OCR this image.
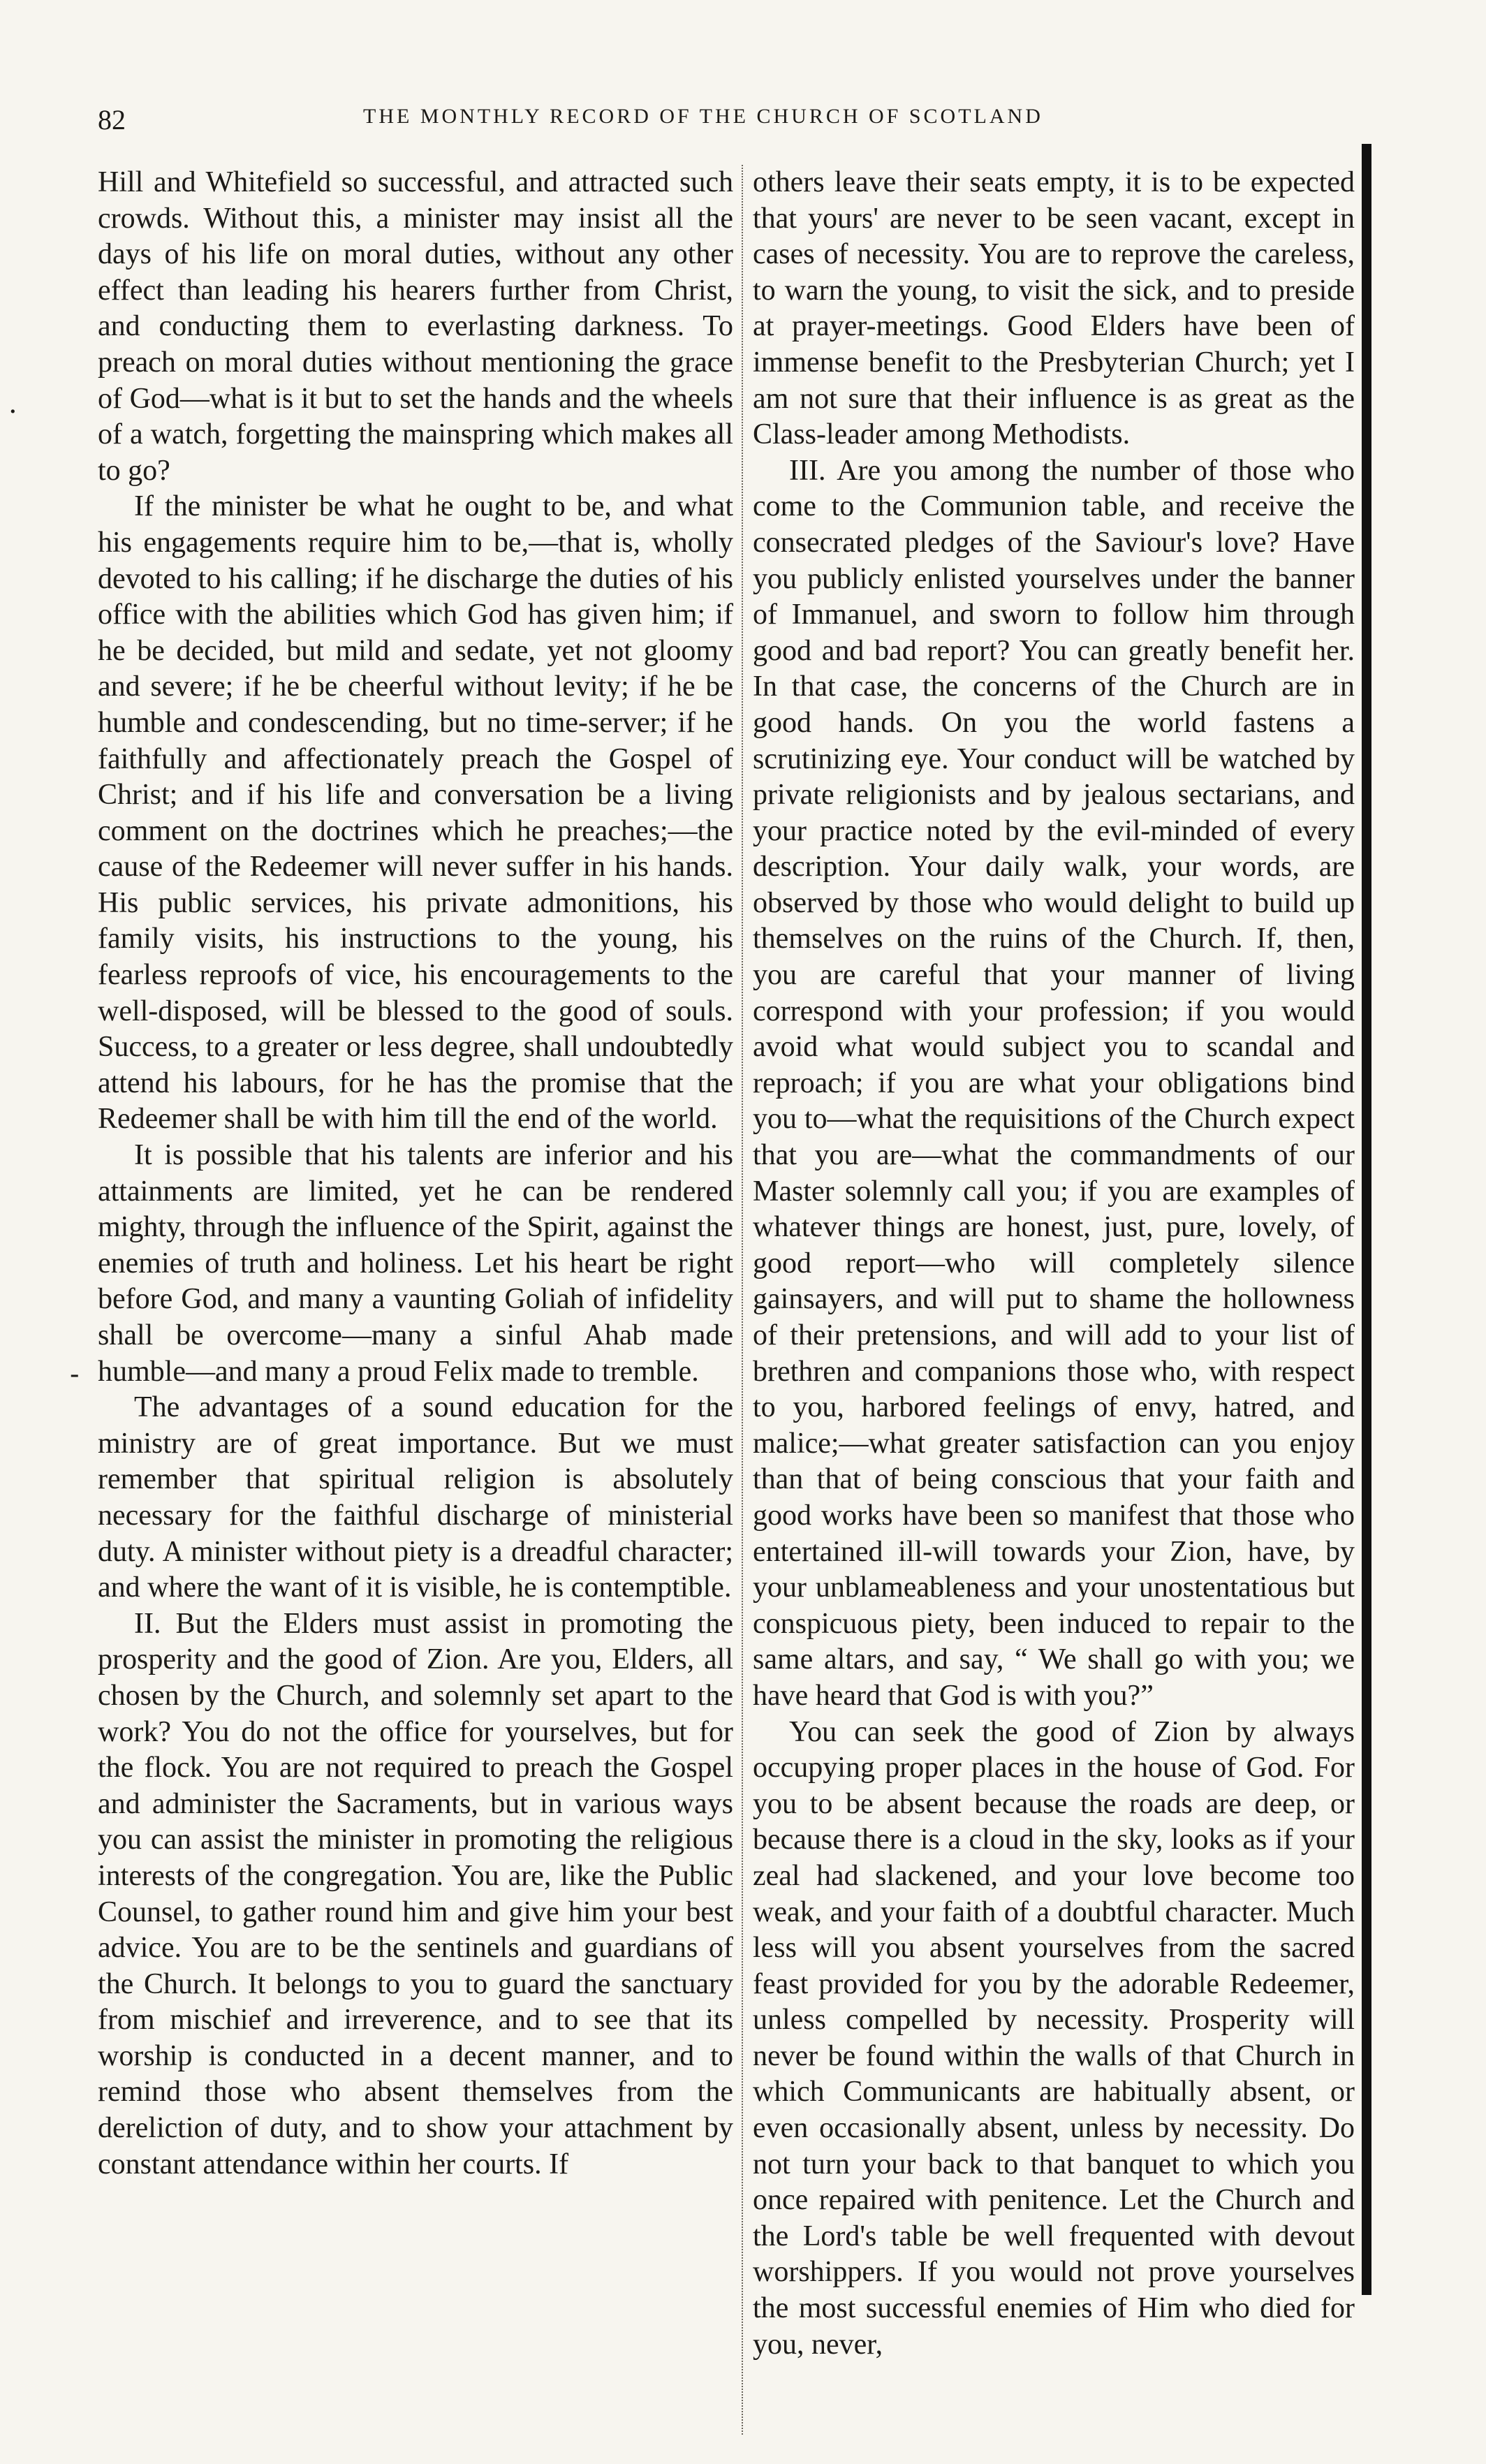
82	THE MONTHLY RECORD OF THE CHURCH OF SCOTLAND

Hill and Whitefield so successful, and attracted such crowds. Without this, a minister may insist all the days of his life on moral duties, without any other effect than leading his hearers further from Christ, and conducting them to everlasting darkness. To preach on moral duties without mentioning the grace of God—what is it but to set the hands and the wheels of a watch, forgetting the mainspring which makes all to go?

If the minister be what he ought to be, and what his engagements require him to be,—that is, wholly devoted to his calling; if he discharge the duties of his office with the abilities which God has given him; if he be decided, but mild and sedate, yet not gloomy and severe; if he be cheerful without levity; if he be humble and condescending, but no time-server; if he faithfully and affectionately preach the Gospel of Christ; and if his life and conversation be a living comment on the doctrines which he preaches;—the cause of the Redeemer will never suffer in his hands. His public services, his private admonitions, his family visits, his instructions to the young, his fearless reproofs of vice, his encouragements to the well-disposed, will be blessed to the good of souls. Success, to a greater or less degree, shall undoubtedly attend his labours, for he has the promise that the Redeemer shall be with him till the end of the world.

It is possible that his talents are inferior and his attainments are limited, yet he can be rendered mighty, through the influence of the Spirit, against the enemies of truth and holiness. Let his heart be right before God, and many a vaunting Goliah of infidelity shall be overcome—many a sinful Ahab made humble—and many a proud Felix made to tremble.

The advantages of a sound education for the ministry are of great importance. But we must remember that spiritual religion is absolutely necessary for the faithful discharge of ministerial duty. A minister without piety is a dreadful character; and where the want of it is visible, he is contemptible.

II. But the Elders must assist in promoting the prosperity and the good of Zion. Are you, Elders, all chosen by the Church, and solemnly set apart to the work? You do not the office for yourselves, but for the flock. You are not required to preach the Gospel and administer the Sacraments, but in various ways you can assist the minister in promoting the religious interests of the congregation. You are, like the Public Counsel, to gather round him and give him your best advice. You are to be the sentinels and guardians of the Church. It belongs to you to guard the sanctuary from mischief and irreverence, and to see that its worship is conducted in a decent manner, and to remind those who absent themselves from the dereliction of duty, and to show your attachment by constant attendance within her courts. If

others leave their seats empty, it is to be expected that yours' are never to be seen vacant, except in cases of necessity. You are to reprove the careless, to warn the young, to visit the sick, and to preside at prayer-meetings. Good Elders have been of immense benefit to the Presbyterian Church; yet I am not sure that their influence is as great as the Class-leader among Methodists.

III. Are you among the number of those who come to the Communion table, and receive the consecrated pledges of the Saviour's love? Have you publicly enlisted yourselves under the banner of Immanuel, and sworn to follow him through good and bad report? You can greatly benefit her. In that case, the concerns of the Church are in good hands. On you the world fastens a scrutinizing eye. Your conduct will be watched by private religionists and by jealous sectarians, and your practice noted by the evil-minded of every description. Your daily walk, your words, are observed by those who would delight to build up themselves on the ruins of the Church. If, then, you are careful that your manner of living correspond with your profession; if you would avoid what would subject you to scandal and reproach; if you are what your obligations bind you to—what the requisitions of the Church expect that you are—what the commandments of our Master solemnly call you; if you are examples of whatever things are honest, just, pure, lovely, of good report—who will completely silence gainsayers, and will put to shame the hollowness of their pretensions, and will add to your list of brethren and companions those who, with respect to you, harbored feelings of envy, hatred, and malice;—what greater satisfaction can you enjoy than that of being conscious that your faith and good works have been so manifest that those who entertained ill-will towards your Zion, have, by your unblameableness and your unostentatious but conspicuous piety, been induced to repair to the same altars, and say, “ We shall go with you; we have heard that God is with you?”

You can seek the good of Zion by always occupying proper places in the house of God. For you to be absent because the roads are deep, or because there is a cloud in the sky, looks as if your zeal had slackened, and your love become too weak, and your faith of a doubtful character. Much less will you absent yourselves from the sacred feast provided for you by the adorable Redeemer, unless compelled by necessity. Prosperity will never be found within the walls of that Church in which Communicants are habitually absent, or even occasionally absent, unless by necessity. Do not turn your back to that banquet to which you once repaired with penitence. Let the Church and the Lord's table be well frequented with devout worshippers. If you would not prove yourselves the most successful enemies of Him who died for you, never,

-
·
